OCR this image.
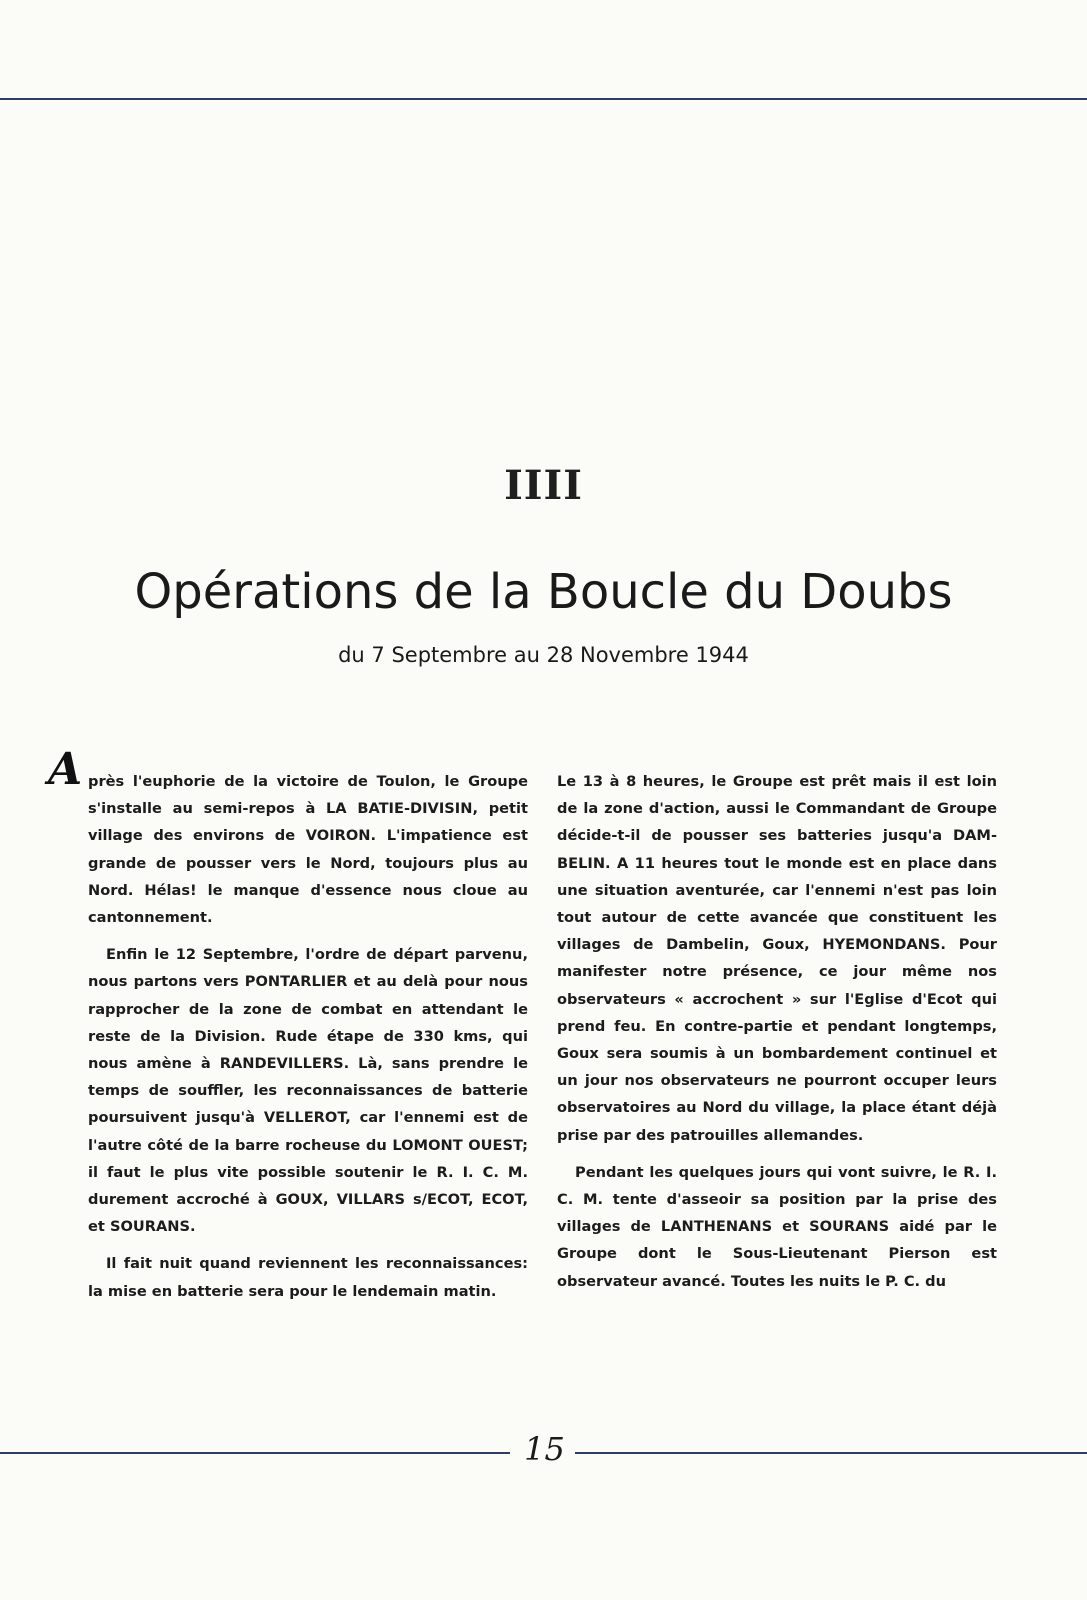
IIII
Opérations de la Boucle du Doubs
du 7 Septembre au 28 Novembre 1944
A près l'euphorie de la victoire de Toulon, le Groupe s'installe au semi-repos à LA BATIE-DIVISIN, petit village des environs de VOIRON. L'impatience est grande de pousser vers le Nord, toujours plus au Nord. Hélas! le manque d'essence nous cloue au cantonnement.

Enfin le 12 Septembre, l'ordre de départ parvenu, nous partons vers PONTARLIER et au delà pour nous rapprocher de la zone de combat en attendant le reste de la Division. Rude étape de 330 kms, qui nous amène à RANDEVILLERS. Là, sans prendre le temps de souffler, les reconnaissances de batterie poursuivent jusqu'à VELLEROT, car l'ennemi est de l'autre côté de la barre rocheuse du LOMONT OUEST; il faut le plus vite possible soutenir le R. I. C. M. durement accroché à GOUX, VILLARS s/ECOT, ECOT, et SOURANS.

Il fait nuit quand reviennent les reconnaissances: la mise en batterie sera pour le lendemain matin.

Le 13 à 8 heures, le Groupe est prêt mais il est loin de la zone d'action, aussi le Commandant de Groupe décide-t-il de pousser ses batteries jusqu'a DAM-BELIN. A 11 heures tout le monde est en place dans une situation aventurée, car l'ennemi n'est pas loin tout autour de cette avancée que constituent les villages de Dambelin, Goux, HYEMONDANS. Pour manifester notre présence, ce jour même nos observateurs « accrochent » sur l'Eglise d'Ecot qui prend feu. En contre-partie et pendant longtemps, Goux sera soumis à un bombardement continuel et un jour nos observateurs ne pourront occuper leurs observatoires au Nord du village, la place étant déjà prise par des patrouilles allemandes.

Pendant les quelques jours qui vont suivre, le R. I. C. M. tente d'asseoir sa position par la prise des villages de LANTHENANS et SOURANS aidé par le Groupe dont le Sous-Lieutenant Pierson est observateur avancé. Toutes les nuits le P. C. du

15
